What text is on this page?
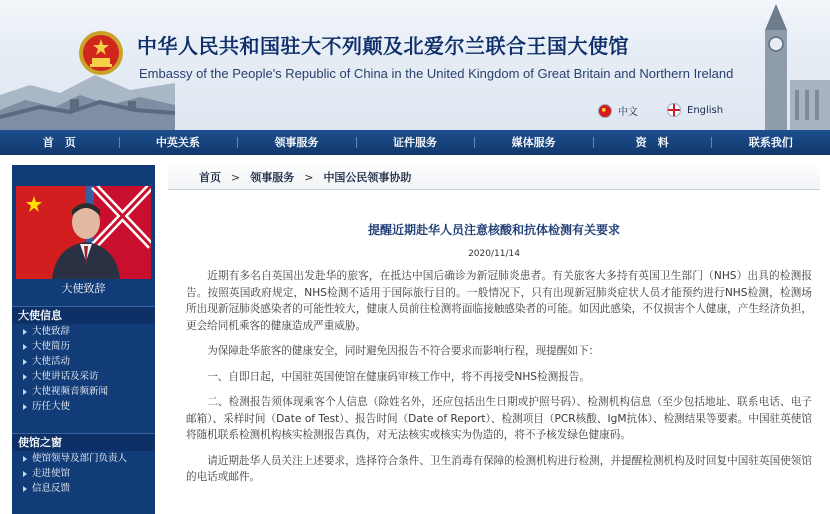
中华人民共和国驻大不列颠及北爱尔兰联合王国大使馆
Embassy of the People's Republic of China in the United Kingdom of Great Britain and Northern Ireland
中文	English
首　页	中英关系	领事服务	证件服务	媒体服务	资　料	联系我们
大使致辞
大使信息
大使致辞
大使简历
大使活动
大使讲话及采访
大使视频音频新闻
历任大使
使馆之窗
使馆领导及部门负责人
走进使馆
信息反馈
首页 > 领事服务 > 中国公民领事协助
提醒近期赴华人员注意核酸和抗体检测有关要求
2020/11/14

近期有多名自英国出发赴华的旅客，在抵达中国后确诊为新冠肺炎患者。有关旅客大多持有英国卫生部门（NHS）出具的检测报告。按照英国政府规定，NHS检测不适用于国际旅行目的。一般情况下，只有出现新冠肺炎症状人员才能预约进行NHS检测，检测场所出现新冠肺炎感染者的可能性较大，健康人员前往检测将面临接触感染者的可能。如因此感染，不仅损害个人健康，产生经济负担，更会给同机乘客的健康造成严重威胁。

为保障赴华旅客的健康安全，同时避免因报告不符合要求而影响行程，现提醒如下：

一、自即日起，中国驻英国使馆在健康码审核工作中，将不再接受NHS检测报告。

二、检测报告须体现乘客个人信息（除姓名外，还应包括出生日期或护照号码）、检测机构信息（至少包括地址、联系电话、电子邮箱）、采样时间（Date of Test）、报告时间（Date of Report）、检测项目（PCR核酸、IgM抗体）、检测结果等要素。中国驻英使馆将随机联系检测机构核实检测报告真伪，对无法核实或核实为伪造的，将不予核发绿色健康码。

请近期赴华人员关注上述要求，选择符合条件、卫生消毒有保障的检测机构进行检测，并提醒检测机构及时回复中国驻英国使领馆的电话或邮件。
